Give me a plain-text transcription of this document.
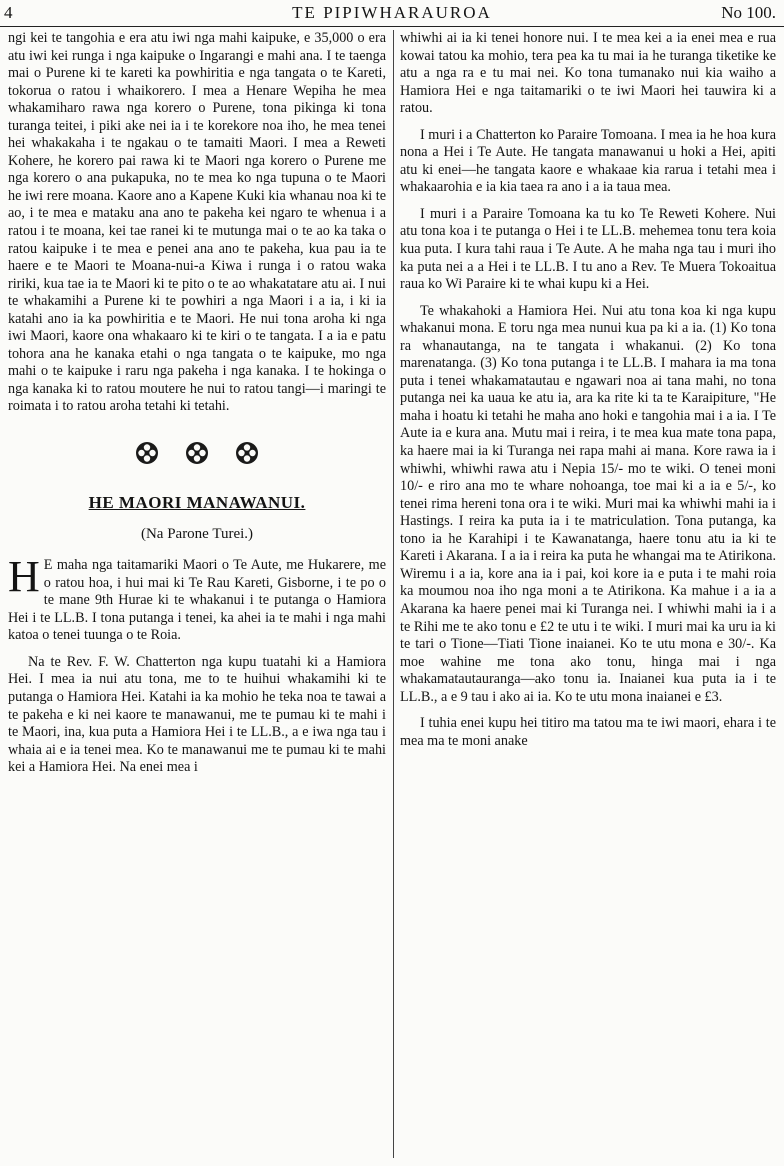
4	TE PIPIWHARAUROA	No 100.

ngi kei te tangohia e era atu iwi nga mahi kaipuke, e 35,000 o era atu iwi kei runga i nga kaipuke o Ingarangi e mahi ana. I te taenga mai o Purene ki te kareti ka powhiritia e nga tangata o te Kareti, tokorua o ratou i whaikorero. I mea a Henare Wepiha he mea whakamiharo rawa nga korero o Purene, tona pikinga ki tona turanga teitei, i piki ake nei ia i te korekore noa iho, he mea tenei hei whakakaha i te ngakau o te tamaiti Maori. I mea a Reweti Kohere, he korero pai rawa ki te Maori nga korero o Purene me nga korero o ana pukapuka, no te mea ko nga tupuna o te Maori he iwi rere moana. Kaore ano a Kapene Kuki kia whanau noa ki te ao, i te mea e mataku ana ano te pakeha kei ngaro te whenua i a ratou i te moana, kei tae ranei ki te mutunga mai o te ao ka taka o ratou kaipuke i te mea e penei ana ano te pakeha, kua pau ia te haere e te Maori te Moana-nui-a Kiwa i runga i o ratou waka ririki, kua tae ia te Maori ki te pito o te ao whakatatare atu ai. I nui te whakamihi a Purene ki te powhiri a nga Maori i a ia, i ki ia katahi ano ia ka powhiritia e te Maori. He nui tona aroha ki nga iwi Maori, kaore ona whakaaro ki te kiri o te tangata. I a ia e patu tohora ana he kanaka etahi o nga tangata o te kaipuke, mo nga mahi o te kaipuke i raru nga pakeha i nga kanaka. I te hokinga o nga kanaka ki to ratou moutere he nui to ratou tangi—i maringi te roimata i to ratou aroha tetahi ki tetahi.

HE MAORI MANAWANUI.
(Na Parone Turei.)

H E maha nga taitamariki Maori o Te Aute, me Hukarere, me o ratou hoa, i hui mai ki Te Rau Kareti, Gisborne, i te po o te mane 9th Hurae ki te whakanui i te putanga o Hamiora Hei i te LL.B. I tona putanga i tenei, ka ahei ia te mahi i nga mahi katoa o tenei tuunga o te Roia.

Na te Rev. F. W. Chatterton nga kupu tuatahi ki a Hamiora Hei. I mea ia nui atu tona, me to te huihui whakamihi ki te putanga o Hamiora Hei. Katahi ia ka mohio he teka noa te tawai a te pakeha e ki nei kaore te manawanui, me te pumau ki te mahi i te Maori, ina, kua puta a Hamiora Hei i te LL.B., a e iwa nga tau i whaia ai e ia tenei mea. Ko te manawanui me te pumau ki te mahi kei a Hamiora Hei. Na enei mea i

whiwhi ai ia ki tenei honore nui. I te mea kei a ia enei mea e rua kowai tatou ka mohio, tera pea ka tu mai ia he turanga tiketike ke atu a nga ra e tu mai nei. Ko tona tumanako nui kia waiho a Hamiora Hei e nga taitamariki o te iwi Maori hei tauwira ki a ratou.

I muri i a Chatterton ko Paraire Tomoana. I mea ia he hoa kura nona a Hei i Te Aute. He tangata manawanui u hoki a Hei, apiti atu ki enei—he tangata kaore e whakaae kia rarua i tetahi mea i whakaarohia e ia kia taea ra ano i a ia taua mea.

I muri i a Paraire Tomoana ka tu ko Te Reweti Kohere. Nui atu tona koa i te putanga o Hei i te LL.B. mehemea tonu tera koia kua puta. I kura tahi raua i Te Aute. A he maha nga tau i muri iho ka puta nei a a Hei i te LL.B. I tu ano a Rev. Te Muera Tokoaitua raua ko Wi Paraire ki te whai kupu ki a Hei.

Te whakahoki a Hamiora Hei. Nui atu tona koa ki nga kupu whakanui mona. E toru nga mea nunui kua pa ki a ia. (1) Ko tona ra whanautanga, na te tangata i whakanui. (2) Ko tona marenatanga. (3) Ko tona putanga i te LL.B. I mahara ia ma tona puta i tenei whakamatautau e ngawari noa ai tana mahi, no tona putanga nei ka uaua ke atu ia, ara ka rite ki ta te Karaipiture, "He maha i hoatu ki tetahi he maha ano hoki e tangohia mai i a ia. I Te Aute ia e kura ana. Mutu mai i reira, i te mea kua mate tona papa, ka haere mai ia ki Turanga nei rapa mahi ai mana. Kore rawa ia i whiwhi, whiwhi rawa atu i Nepia 15/- mo te wiki. O tenei moni 10/- e riro ana mo te whare nohoanga, toe mai ki a ia e 5/-, ko tenei rima hereni tona ora i te wiki. Muri mai ka whiwhi mahi ia i Hastings. I reira ka puta ia i te matriculation. Tona putanga, ka tono ia he Karahipi i te Kawanatanga, haere tonu atu ia ki te Kareti i Akarana. I a ia i reira ka puta he whangai ma te Atirikona. Wiremu i a ia, kore ana ia i pai, koi kore ia e puta i te mahi roia ka moumou noa iho nga moni a te Atirikona. Ka mahue i a ia a Akarana ka haere penei mai ki Turanga nei. I whiwhi mahi ia i a te Rihi me te ako tonu e £2 te utu i te wiki. I muri mai ka uru ia ki te tari o Tione—Tiati Tione inaianei. Ko te utu mona e 30/-. Ka moe wahine me tona ako tonu, hinga mai i nga whakamatautauranga—ako tonu ia. Inaianei kua puta ia i te LL.B., a e 9 tau i ako ai ia. Ko te utu mona inaianei e £3.

I tuhia enei kupu hei titiro ma tatou ma te iwi maori, ehara i te mea ma te moni anake
